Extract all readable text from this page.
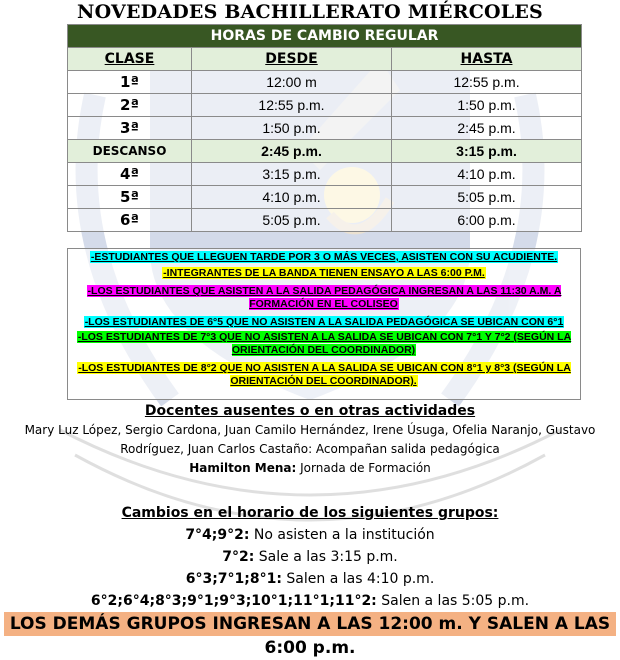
NOVEDADES BACHILLERATO MIÉRCOLES
HORAS DE CAMBIO REGULAR		
CLASE	DESDE	HASTA
1ª	12:00 m	12:55 p.m.
2ª	12:55 p.m.	1:50 p.m.
3ª	1:50 p.m.	2:45 p.m.
DESCANSO	2:45 p.m.	3:15 p.m.
4ª	3:15 p.m.	4:10 p.m.
5ª	4:10 p.m.	5:05 p.m.
6ª	5:05 p.m.	6:00 p.m.
-ESTUDIANTES QUE LLEGUEN TARDE POR 3 O MÁS VECES, ASISTEN CON SU ACUDIENTE.
-INTEGRANTES DE LA BANDA TIENEN ENSAYO A LAS 6:00 P.M.
-LOS ESTUDIANTES QUE ASISTEN A LA SALIDA PEDAGÓGICA INGRESAN A LAS 11:30 A.M. A FORMACIÓN EN EL COLISEO
-LOS ESTUDIANTES DE 6°5 QUE NO ASISTEN A LA SALIDA PEDAGÓGICA SE UBICAN CON 6°1
-LOS ESTUDIANTES DE 7°3 QUE NO ASISTEN A LA SALIDA SE UBICAN CON 7°1 Y 7°2 (SEGÚN LA ORIENTACIÓN DEL COORDINADOR)
-LOS ESTUDIANTES DE 8°2 QUE NO ASISTEN A LA SALIDA SE UBICAN CON 8°1 y 8°3 (SEGÚN LA ORIENTACIÓN DEL COORDINADOR).
Docentes ausentes o en otras actividades
Mary Luz López, Sergio Cardona, Juan Camilo Hernández, Irene Úsuga, Ofelia Naranjo, Gustavo
Rodríguez, Juan Carlos Castaño: Acompañan salida pedagógica
Hamilton Mena: Jornada de Formación
Cambios en el horario de los siguientes grupos:
7°4;9°2: No asisten a la institución
7°2: Sale a las 3:15 p.m.
6°3;7°1;8°1: Salen a las 4:10 p.m.
6°2;6°4;8°3;9°1;9°3;10°1;11°1;11°2: Salen a las 5:05 p.m.
LOS DEMÁS GRUPOS INGRESAN A LAS 12:00 m. Y SALEN A LAS 6:00 p.m.
